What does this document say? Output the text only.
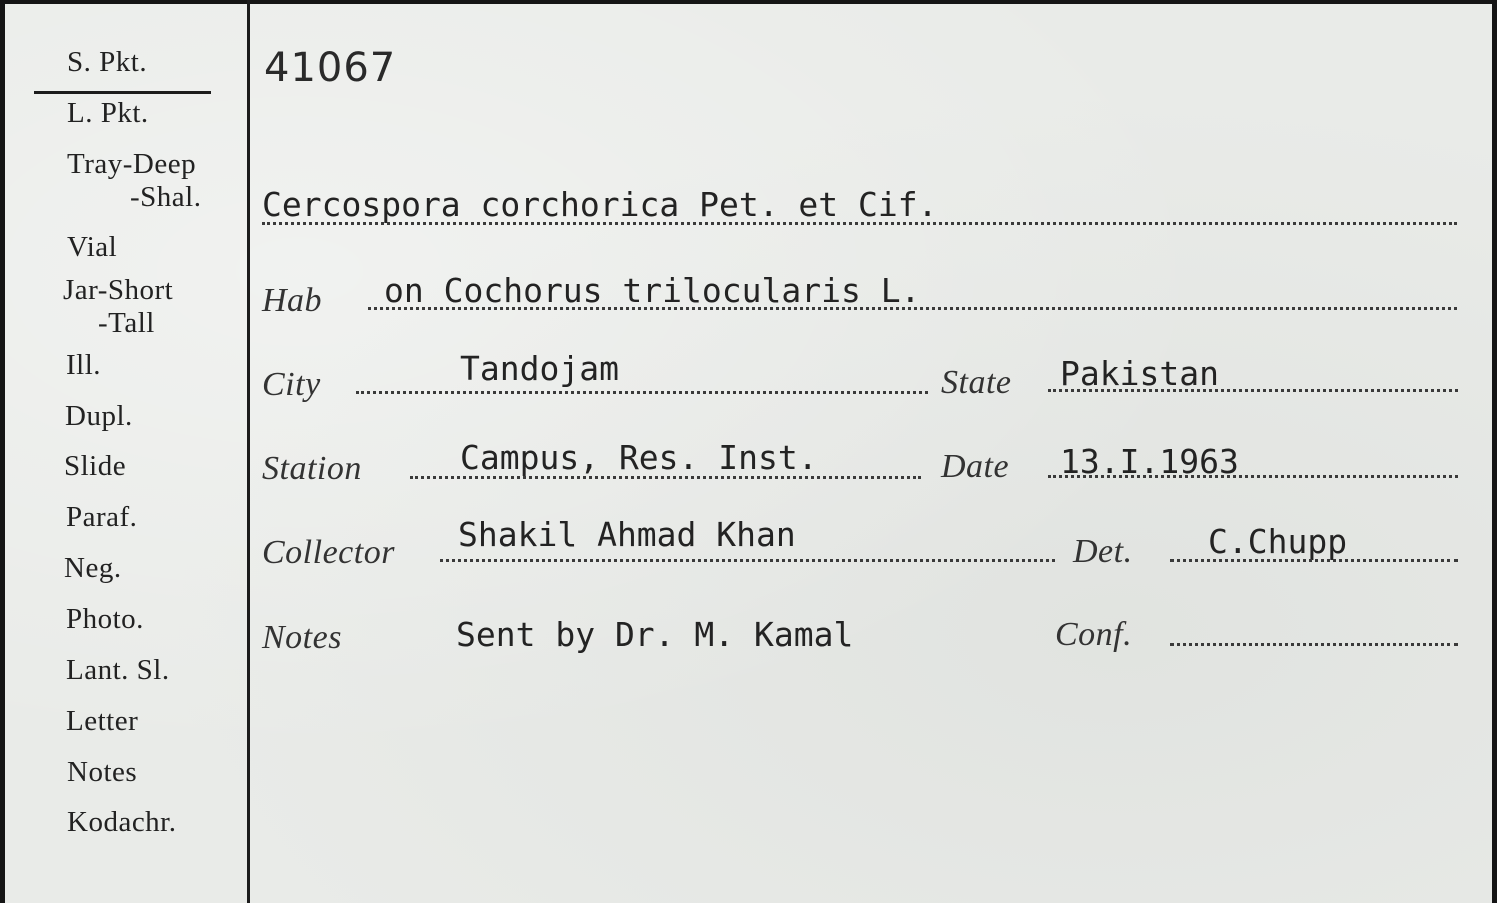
S. Pkt.
L. Pkt.
Tray-Deep
-Shal.
Vial
Jar-Short
-Tall
Ill.
Dupl.
Slide
Paraf.
Neg.
Photo.
Lant. Sl.
Letter
Notes
Kodachr.
41067
Cercospora corchorica Pet. et Cif.
Hab on Cochorus trilocularis L.
City	Tandojam	State Pakistan
Station	Campus, Res. Inst.	Date 13.I.1963
Collector Shakil Ahmad Khan	Det. C.Chupp
Notes	Sent by Dr. M. Kamal	Conf.
